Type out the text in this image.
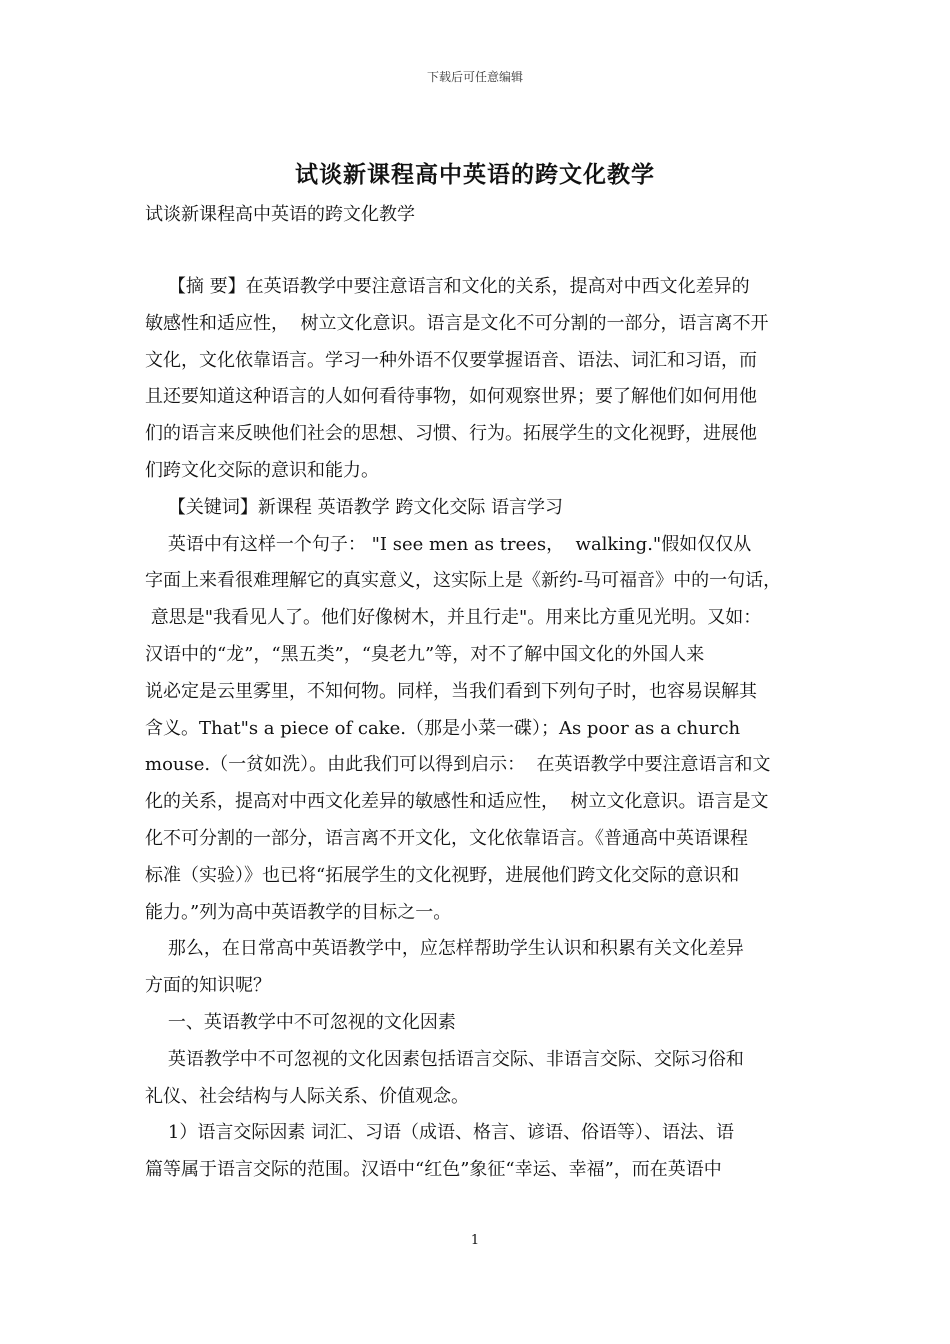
下载后可任意编辑
试谈新课程高中英语的跨文化教学
试谈新课程高中英语的跨文化教学
【摘 要】在英语教学中要注意语言和文化的关系，提高对中西文化差异的
敏感性和适应性，  树立文化意识。语言是文化不可分割的一部分，语言离不开
文化，文化依靠语言。学习一种外语不仅要掌握语音、语法、词汇和习语，而
且还要知道这种语言的人如何看待事物，如何观察世界；要了解他们如何用他
们的语言来反映他们社会的思想、习惯、行为。拓展学生的文化视野，进展他
们跨文化交际的意识和能力。
【关键词】新课程 英语教学 跨文化交际 语言学习
英语中有这样一个句子： "I see men as trees，  walking."假如仅仅从
字面上来看很难理解它的真实意义，这实际上是《新约-马可福音》中的一句话，
意思是"我看见人了。他们好像树木，并且行走"。用来比方重见光明。又如：
汉语中的“龙”，“黑五类”，“臭老九”等，对不了解中国文化的外国人来
说必定是云里雾里，不知何物。同样，当我们看到下列句子时，也容易误解其
含义。That"s a piece of cake.（那是小菜一碟）；As poor as a church
mouse.（一贫如洗）。由此我们可以得到启示：  在英语教学中要注意语言和文
化的关系，提高对中西文化差异的敏感性和适应性，  树立文化意识。语言是文
化不可分割的一部分，语言离不开文化，文化依靠语言。《普通高中英语课程
标准（实验）》也已将“拓展学生的文化视野，进展他们跨文化交际的意识和
能力。”列为高中英语教学的目标之一。
那么，在日常高中英语教学中，应怎样帮助学生认识和积累有关文化差异
方面的知识呢？
一、英语教学中不可忽视的文化因素
英语教学中不可忽视的文化因素包括语言交际、非语言交际、交际习俗和
礼仪、社会结构与人际关系、价值观念。
1）语言交际因素 词汇、习语（成语、格言、谚语、俗语等）、语法、语
篇等属于语言交际的范围。汉语中“红色”象征“幸运、幸福”，而在英语中
1
